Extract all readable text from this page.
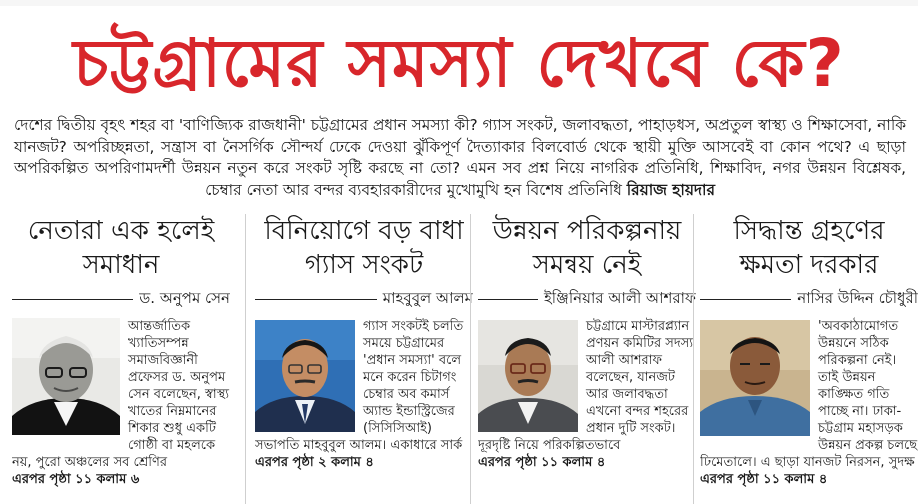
চট্টগ্রামের সমস্যা দেখবে কে?

দেশের দ্বিতীয় বৃহৎ শহর বা 'বাণিজ্যিক রাজধানী' চট্টগ্রামের প্রধান সমস্যা কী? গ্যাস সংকট, জলাবদ্ধতা, পাহাড়ধস, অপ্রতুল স্বাস্থ্য ও শিক্ষাসেবা, নাকি যানজট? অপরিচ্ছন্নতা, সন্ত্রাস বা নৈসর্গিক সৌন্দর্য ঢেকে দেওয়া ঝুঁকিপূর্ণ দৈত্যাকার বিলবোর্ড থেকে স্থায়ী মুক্তি আসবেই বা কোন পথে? এ ছাড়া অপরিকল্পিত অপরিণামদর্শী উন্নয়ন নতুন করে সংকট সৃষ্টি করছে না তো? এমন সব প্রশ্ন নিয়ে নাগরিক প্রতিনিধি, শিক্ষাবিদ, নগর উন্নয়ন বিশ্লেষক, চেম্বার নেতা আর বন্দর ব্যবহারকারীদের মুখোমুখি হন বিশেষ প্রতিনিধি রিয়াজ হায়দার

নেতারা এক হলেই সমাধান
ড. অনুপম সেন
আন্তর্জাতিক খ্যাতিসম্পন্ন সমাজবিজ্ঞানী প্রফেসর ড. অনুপম সেন বলেছেন, স্বাস্থ্য খাতের নিম্নমানের শিকার শুধু একটি গোষ্ঠী বা মহলকে নয়, পুরো অঞ্চলের সব শ্রেণির এরপর পৃষ্ঠা ১১ কলাম ৬
বিনিয়োগে বড় বাধা গ্যাস সংকট
মাহবুবুল আলম
গ্যাস সংকটই চলতি সময়ে চট্টগ্রামের 'প্রধান সমস্যা' বলে মনে করেন চিটাগং চেম্বার অব কমার্স অ্যান্ড ইন্ডাস্ট্রিজের (সিসিসিআই) সভাপতি মাহবুবুল আলম। একাধারে সার্ক এরপর পৃষ্ঠা ২ কলাম ৪
উন্নয়ন পরিকল্পনায় সমন্বয় নেই
ইঞ্জিনিয়ার আলী আশরাফ
চট্টগ্রামে মাস্টারপ্ল্যান প্রণয়ন কমিটির সদস্য আলী আশরাফ বলেছেন, যানজট আর জলাবদ্ধতা এখনো বন্দর শহরের প্রধান দুটি সংকট। দূরদৃষ্টি নিয়ে পরিকল্পিতভাবে এরপর পৃষ্ঠা ১১ কলাম ৪
সিদ্ধান্ত গ্রহণের ক্ষমতা দরকার
নাসির উদ্দিন চৌধুরী
'অবকাঠামোগত উন্নয়নে সঠিক পরিকল্পনা নেই। তাই উন্নয়ন কাঙ্ক্ষিত গতি পাচ্ছে না। ঢাকা-চট্টগ্রাম মহাসড়ক উন্নয়ন প্রকল্প চলছে ঢিমেতালে। এ ছাড়া যানজট নিরসন, সুদক্ষ এরপর পৃষ্ঠা ১১ কলাম ৪
